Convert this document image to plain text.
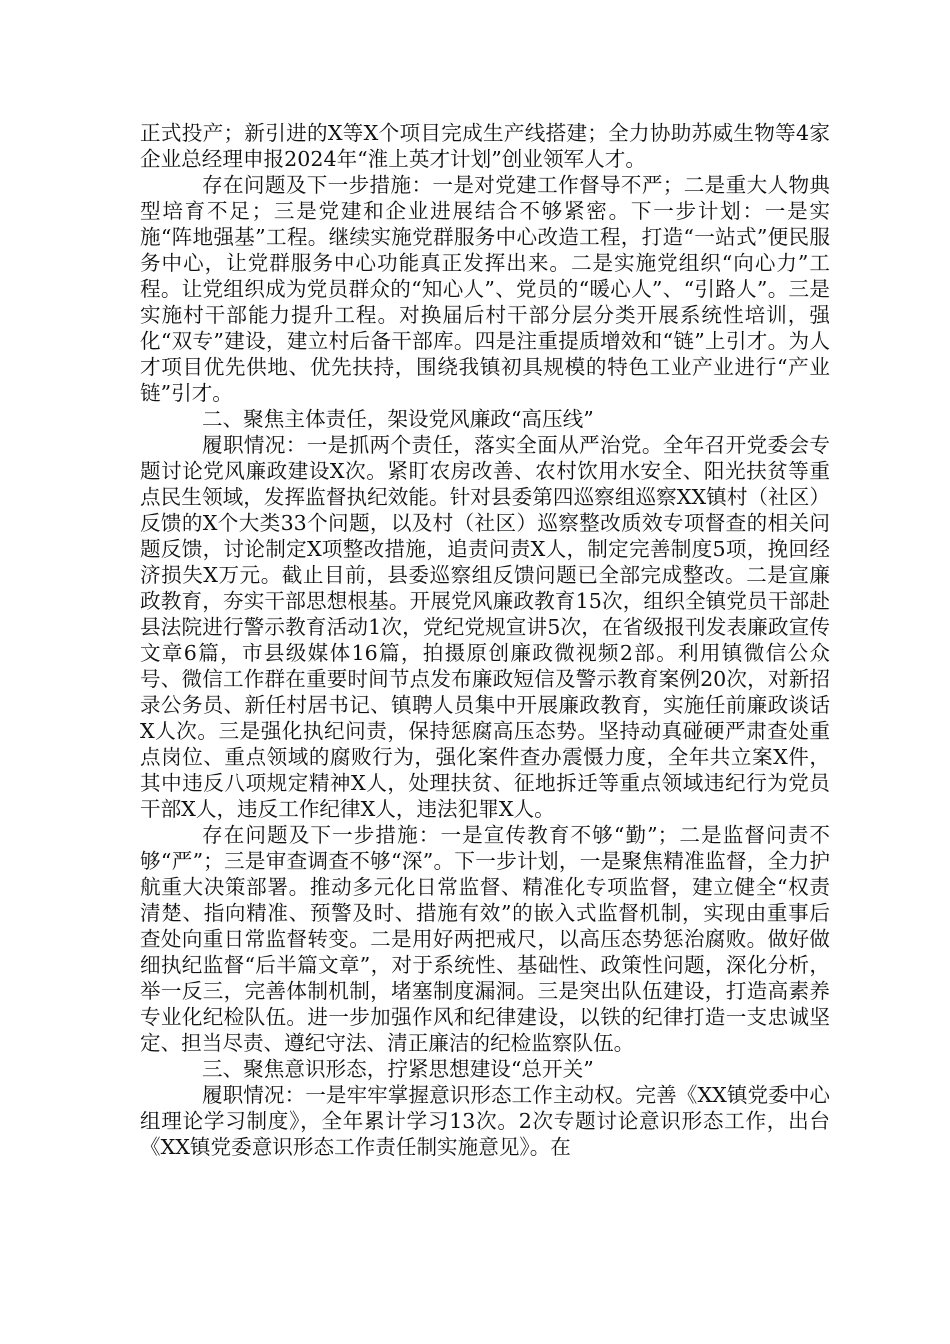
正式投产；新引进的X等X个项目完成生产线搭建；全力协助苏威生物等4家企业总经理申报2024年“淮上英才计划”创业领军人才。

存在问题及下一步措施：一是对党建工作督导不严；二是重大人物典型培育不足；三是党建和企业进展结合不够紧密。下一步计划：一是实施“阵地强基”工程。继续实施党群服务中心改造工程，打造“一站式”便民服务中心，让党群服务中心功能真正发挥出来。二是实施党组织“向心力”工程。让党组织成为党员群众的“知心人”、党员的“暖心人”、“引路人”。三是实施村干部能力提升工程。对换届后村干部分层分类开展系统性培训，强化“双专”建设，建立村后备干部库。四是注重提质增效和“链”上引才。为人才项目优先供地、优先扶持，围绕我镇初具规模的特色工业产业进行“产业链”引才。

二、聚焦主体责任，架设党风廉政“高压线”

履职情况：一是抓两个责任，落实全面从严治党。全年召开党委会专题讨论党风廉政建设X次。紧盯农房改善、农村饮用水安全、阳光扶贫等重点民生领域，发挥监督执纪效能。针对县委第四巡察组巡察XX镇村（社区）反馈的X个大类33个问题，以及村（社区）巡察整改质效专项督查的相关问题反馈，讨论制定X项整改措施，追责问责X人，制定完善制度5项，挽回经济损失X万元。截止目前，县委巡察组反馈问题已全部完成整改。二是宣廉政教育，夯实干部思想根基。开展党风廉政教育15次，组织全镇党员干部赴县法院进行警示教育活动1次，党纪党规宣讲5次，在省级报刊发表廉政宣传文章6篇，市县级媒体16篇，拍摄原创廉政微视频2部。利用镇微信公众号、微信工作群在重要时间节点发布廉政短信及警示教育案例20次，对新招录公务员、新任村居书记、镇聘人员集中开展廉政教育，实施任前廉政谈话X人次。三是强化执纪问责，保持惩腐高压态势。坚持动真碰硬严肃查处重点岗位、重点领域的腐败行为，强化案件查办震慑力度，全年共立案X件，其中违反八项规定精神X人，处理扶贫、征地拆迁等重点领域违纪行为党员干部X人，违反工作纪律X人，违法犯罪X人。

存在问题及下一步措施：一是宣传教育不够“勤”；二是监督问责不够“严”；三是审查调查不够“深”。下一步计划，一是聚焦精准监督，全力护航重大决策部署。推动多元化日常监督、精准化专项监督，建立健全“权责清楚、指向精准、预警及时、措施有效”的嵌入式监督机制，实现由重事后查处向重日常监督转变。二是用好两把戒尺，以高压态势惩治腐败。做好做细执纪监督“后半篇文章”，对于系统性、基础性、政策性问题，深化分析，举一反三，完善体制机制，堵塞制度漏洞。三是突出队伍建设，打造高素养专业化纪检队伍。进一步加强作风和纪律建设，以铁的纪律打造一支忠诚坚定、担当尽责、遵纪守法、清正廉洁的纪检监察队伍。

三、聚焦意识形态，拧紧思想建设“总开关”

履职情况：一是牢牢掌握意识形态工作主动权。完善《XX镇党委中心组理论学习制度》，全年累计学习13次。2次专题讨论意识形态工作，出台《XX镇党委意识形态工作责任制实施意见》。在
